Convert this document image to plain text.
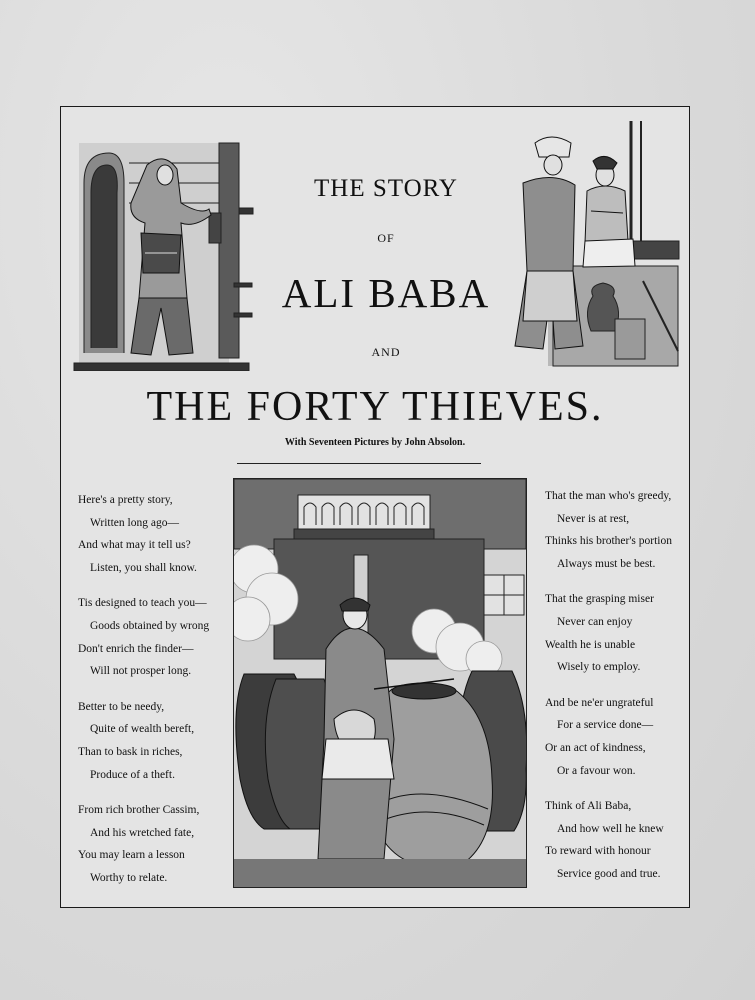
THE STORY
OF
ALI BABA
AND
THE FORTY THIEVES.
With Seventeen Pictures by John Absolon.
Here's a pretty story,
Written long ago—
And what may it tell us?
Listen, you shall know.
Tis designed to teach you—
Goods obtained by wrong
Don't enrich the finder—
Will not prosper long.
Better to be needy,
Quite of wealth bereft,
Than to bask in riches,
Produce of a theft.
From rich brother Cassim,
And his wretched fate,
You may learn a lesson
Worthy to relate.
That the man who's greedy,
Never is at rest,
Thinks his brother's portion
Always must be best.
That the grasping miser
Never can enjoy
Wealth he is unable
Wisely to employ.
And be ne'er ungrateful
For a service done—
Or an act of kindness,
Or a favour won.
Think of Ali Baba,
And how well he knew
To reward with honour
Service good and true.
